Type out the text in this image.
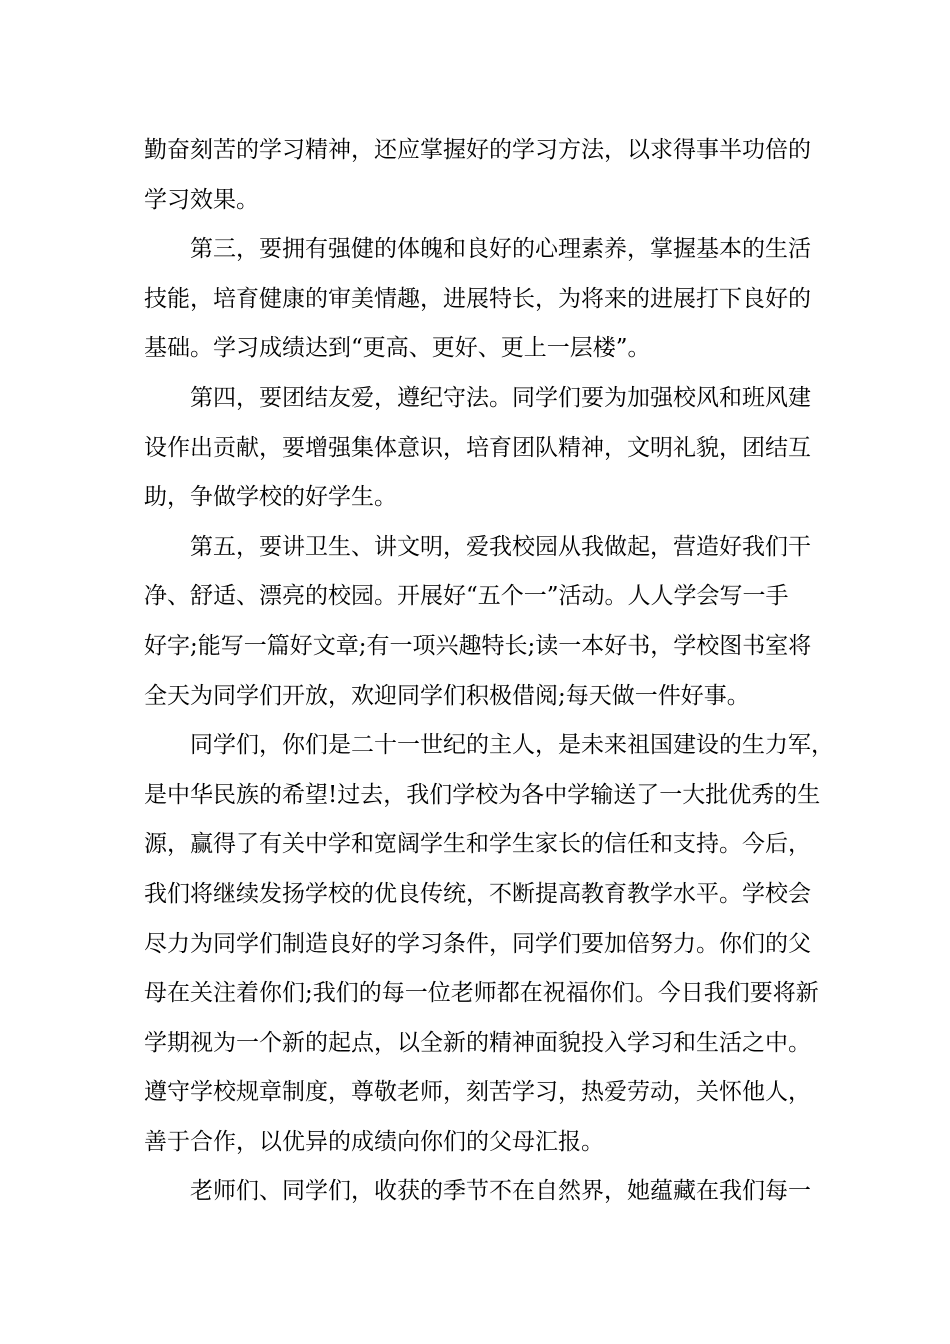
勤奋刻苦的学习精神，还应掌握好的学习方法，以求得事半功倍的
学习效果。
第三，要拥有强健的体魄和良好的心理素养，掌握基本的生活
技能，培育健康的审美情趣，进展特长，为将来的进展打下良好的
基础。学习成绩达到“更高、更好、更上一层楼”。
第四，要团结友爱，遵纪守法。同学们要为加强校风和班风建
设作出贡献，要增强集体意识，培育团队精神，文明礼貌，团结互
助，争做学校的好学生。
第五，要讲卫生、讲文明，爱我校园从我做起，营造好我们干
净、舒适、漂亮的校园。开展好“五个一”活动。人人学会写一手
好字;能写一篇好文章;有一项兴趣特长;读一本好书，学校图书室将
全天为同学们开放，欢迎同学们积极借阅;每天做一件好事。
同学们，你们是二十一世纪的主人，是未来祖国建设的生力军，
是中华民族的希望!过去，我们学校为各中学输送了一大批优秀的生
源，赢得了有关中学和宽阔学生和学生家长的信任和支持。今后，
我们将继续发扬学校的优良传统，不断提高教育教学水平。学校会
尽力为同学们制造良好的学习条件，同学们要加倍努力。你们的父
母在关注着你们;我们的每一位老师都在祝福你们。今日我们要将新
学期视为一个新的起点，以全新的精神面貌投入学习和生活之中。
遵守学校规章制度，尊敬老师，刻苦学习，热爱劳动，关怀他人，
善于合作，以优异的成绩向你们的父母汇报。
老师们、同学们，收获的季节不在自然界，她蕴藏在我们每一
